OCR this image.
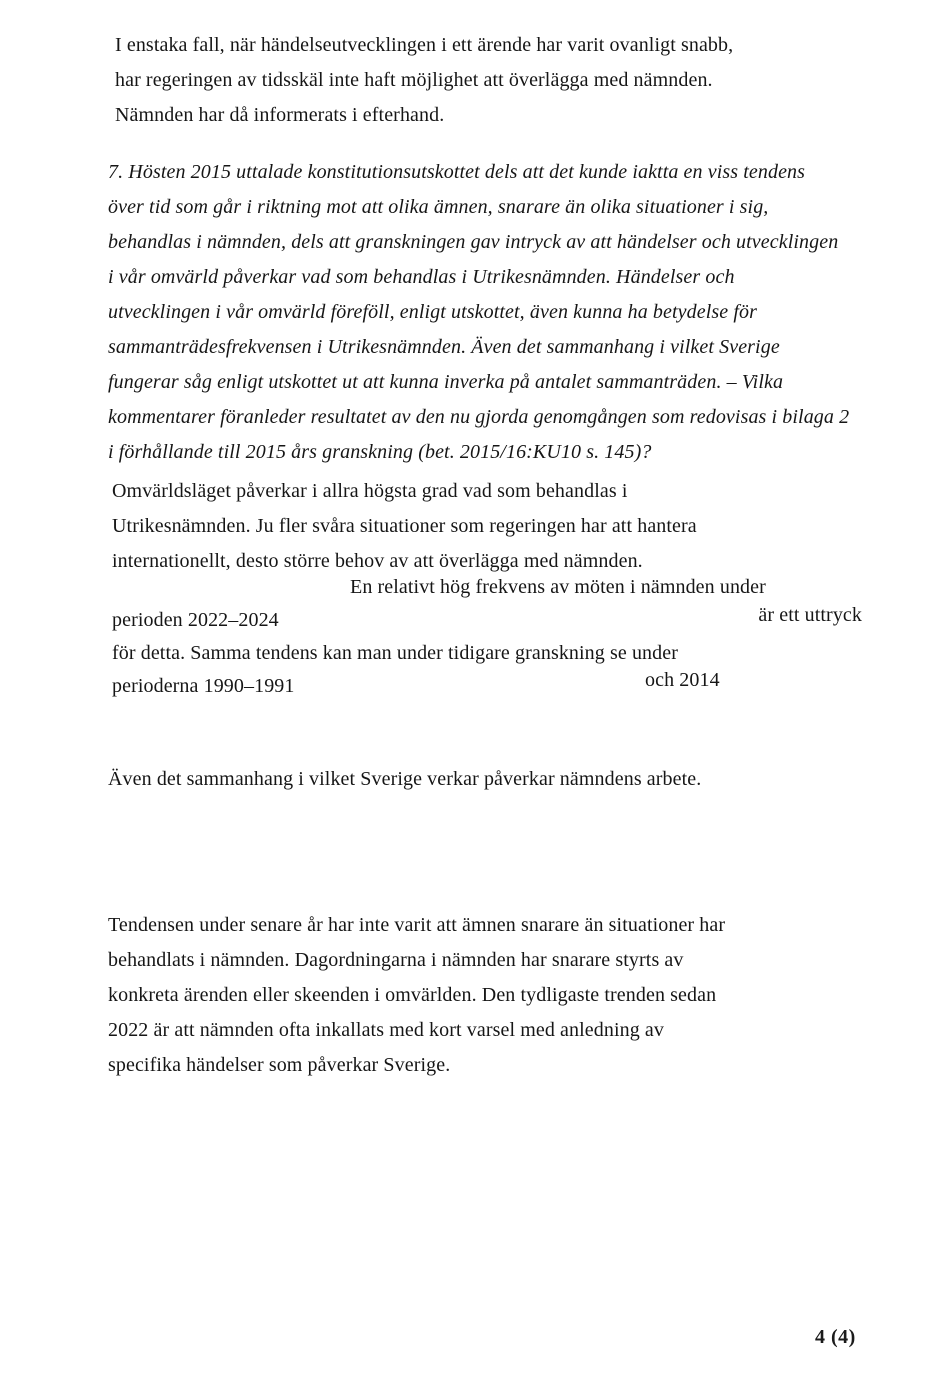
I enstaka fall, när händelseutvecklingen i ett ärende har varit ovanligt snabb,
har regeringen av tidsskäl inte haft möjlighet att överlägga med nämnden.
Nämnden har då informerats i efterhand.
7. Hösten 2015 uttalade konstitutionsutskottet dels att det kunde iaktta en viss tendens
över tid som går i riktning mot att olika ämnen, snarare än olika situationer i sig,
behandlas i nämnden, dels att granskningen gav intryck av att händelser och utvecklingen
i vår omvärld påverkar vad som behandlas i Utrikesnämnden. Händelser och
utvecklingen i vår omvärld föreföll, enligt utskottet, även kunna ha betydelse för
sammanträdesfrekvensen i Utrikesnämnden. Även det sammanhang i vilket Sverige
fungerar såg enligt utskottet ut att kunna inverka på antalet sammanträden. – Vilka
kommentarer föranleder resultatet av den nu gjorda genomgången som redovisas i bilaga 2
i förhållande till 2015 års granskning (bet. 2015/16:KU10 s. 145)?
Omvärldsläget påverkar i allra högsta grad vad som behandlas i
Utrikesnämnden. Ju fler svåra situationer som regeringen har att hantera
internationellt, desto större behov av att överlägga med nämnden.
En relativt hög frekvens av möten i nämnden under
perioden 2022–2024	är ett uttryck
för detta. Samma tendens kan man under tidigare granskning se under
perioderna 1990–1991	och 2014
Även det sammanhang i vilket Sverige verkar påverkar nämndens arbete.
Tendensen under senare år har inte varit att ämnen snarare än situationer har
behandlats i nämnden. Dagordningarna i nämnden har snarare styrts av
konkreta ärenden eller skeenden i omvärlden. Den tydligaste trenden sedan
2022 är att nämnden ofta inkallats med kort varsel med anledning av
specifika händelser som påverkar Sverige.
4 (4)
